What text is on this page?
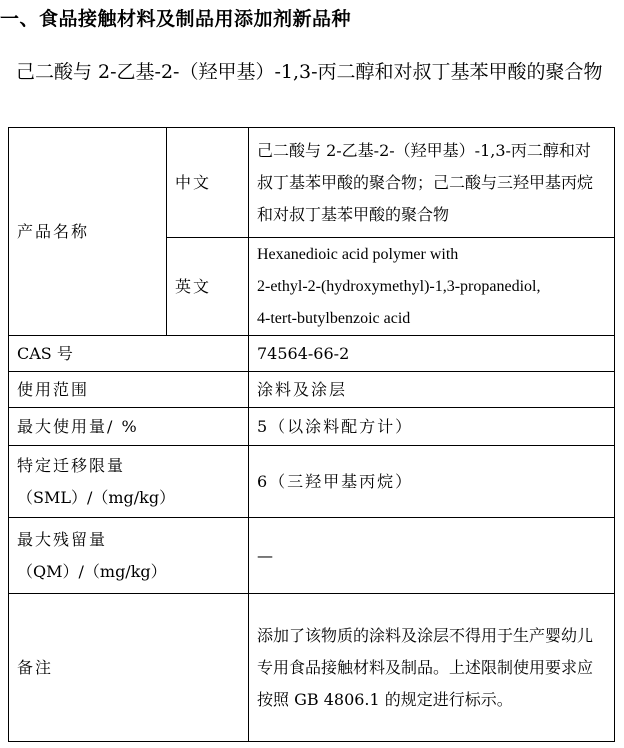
一、食品接触材料及制品用添加剂新品种
己二酸与 2-乙基-2-（羟甲基）-1,3-丙二醇和对叔丁基苯甲酸的聚合物
产品名称	中文	己二酸与 2-乙基-2-（羟甲基）-1,3-丙二醇和对叔丁基苯甲酸的聚合物；己二酸与三羟甲基丙烷和对叔丁基苯甲酸的聚合物
	英文	Hexanedioic acid polymer with
2-ethyl-2-(hydroxymethyl)-1,3-propanediol,
4-tert-butylbenzoic acid

CAS 号		74564-66-2
使用范围		涂料及涂层
最大使用量/ %		5（以涂料配方计）

特定迁移限量
（SML）/（mg/kg）		6（三羟甲基丙烷）

最大残留量
（QM）/（mg/kg）		—
备注		添加了该物质的涂料及涂层不得用于生产婴幼儿专用食品接触材料及制品。上述限制使用要求应按照 GB 4806.1 的规定进行标示。
